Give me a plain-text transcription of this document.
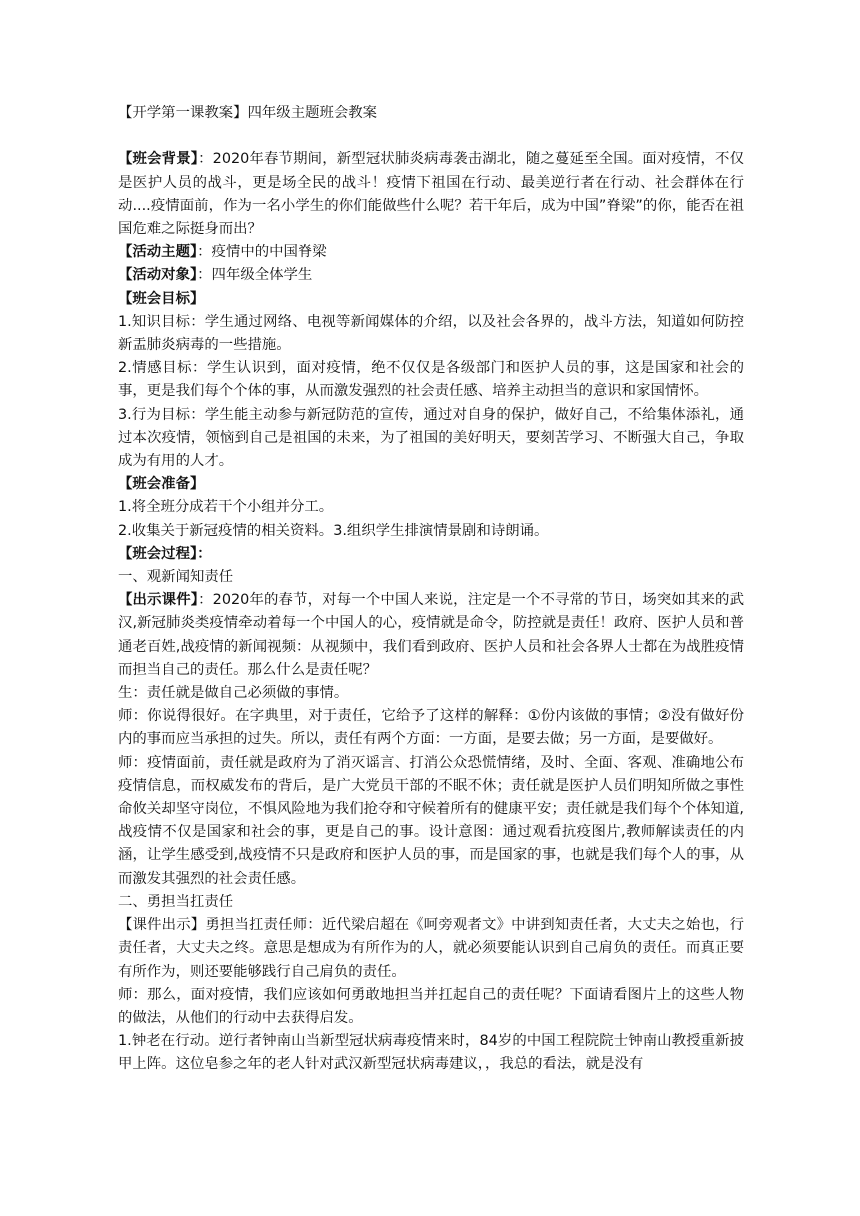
【开学第一课教案】四年级主题班会教案

【班会背景】：2020年春节期间，新型冠状肺炎病毒袭击湖北，随之蔓延至全国。面对疫情，不仅是医护人员的战斗，更是场全民的战斗！疫情下祖国在行动、最美逆行者在行动、社会群体在行动....疫情面前，作为一名小学生的你们能做些什么呢？若干年后，成为中国”脊梁”的你，能否在祖国危难之际挺身而出？

【活动主题】：疫情中的中国脊梁

【活动对象】：四年级全体学生

【班会目标】

1.知识目标：学生通过网络、电视等新闻媒体的介绍，以及社会各界的，战斗方法，知道如何防控新盂肺炎病毒的一些措施。

2.情感目标：学生认识到，面对疫情，绝不仅仅是各级部门和医护人员的事，这是国家和社会的事，更是我们每个个体的事，从而激发强烈的社会责任感、培养主动担当的意识和家国情怀。

3.行为目标：学生能主动参与新冠防范的宣传，通过对自身的保护，做好自己，不给集体添礼，通过本次疫情，领恼到自己是祖国的未来，为了祖国的美好明天，要刻苦学习、不断强大自己，争取成为有用的人才。

【班会准备】

1.将全班分成若干个小组并分工。

2.收集关于新冠疫情的相关资料。3.组织学生排演情景剧和诗朗诵。

【班会过程】：

一、观新闻知责任

【出示课件】：2020年的春节，对每一个中国人来说，注定是一个不寻常的节日，场突如其来的武汉,新冠肺炎类疫情牵动着每一个中国人的心，疫情就是命令，防控就是责任！政府、医护人员和普通老百姓,战疫情的新闻视频：从视频中，我们看到政府、医护人员和社会各界人士都在为战胜疫情而担当自己的责任。那么什么是责任呢？

生：责任就是做自己必须做的事情。

师：你说得很好。在字典里，对于责任，它给予了这样的解释：①份内该做的事情；②没有做好份内的事而应当承担的过失。所以，责任有两个方面：一方面，是要去做；另一方面，是要做好。

师：疫情面前，责任就是政府为了消灭谣言、打消公众恐慌情绪，及时、全面、客观、准确地公布疫情信息，而权威发布的背后，是广大党员干部的不眠不休；责任就是医护人员们明知所做之事性命攸关却坚守岗位，不惧风险地为我们抢夺和守候着所有的健康平安；责任就是我们每个个体知道,战疫情不仅是国家和社会的事，更是自己的事。设计意图：通过观看抗疫图片,教师解读责任的内涵，让学生感受到,战疫情不只是政府和医护人员的事，而是国家的事，也就是我们每个人的事，从而激发其强烈的社会责任感。

二、勇担当扛责任

【课件出示】勇担当扛责任师：近代梁启超在《呵旁观者文》中讲到知责任者，大丈夫之始也，行责任者，大丈夫之终。意思是想成为有所作为的人，就必须要能认识到自己肩负的责任。而真正要有所作为，则还要能够践行自己肩负的责任。

师：那么，面对疫情，我们应该如何勇敢地担当并扛起自己的责任呢？下面请看图片上的这些人物的做法，从他们的行动中去获得启发。

1.钟老在行动。逆行者钟南山当新型冠状病毒疫情来时，84岁的中国工程院院士钟南山教授重新披甲上阵。这位皂参之年的老人针对武汉新型冠状病毒建议，，我总的看法，就是没有
